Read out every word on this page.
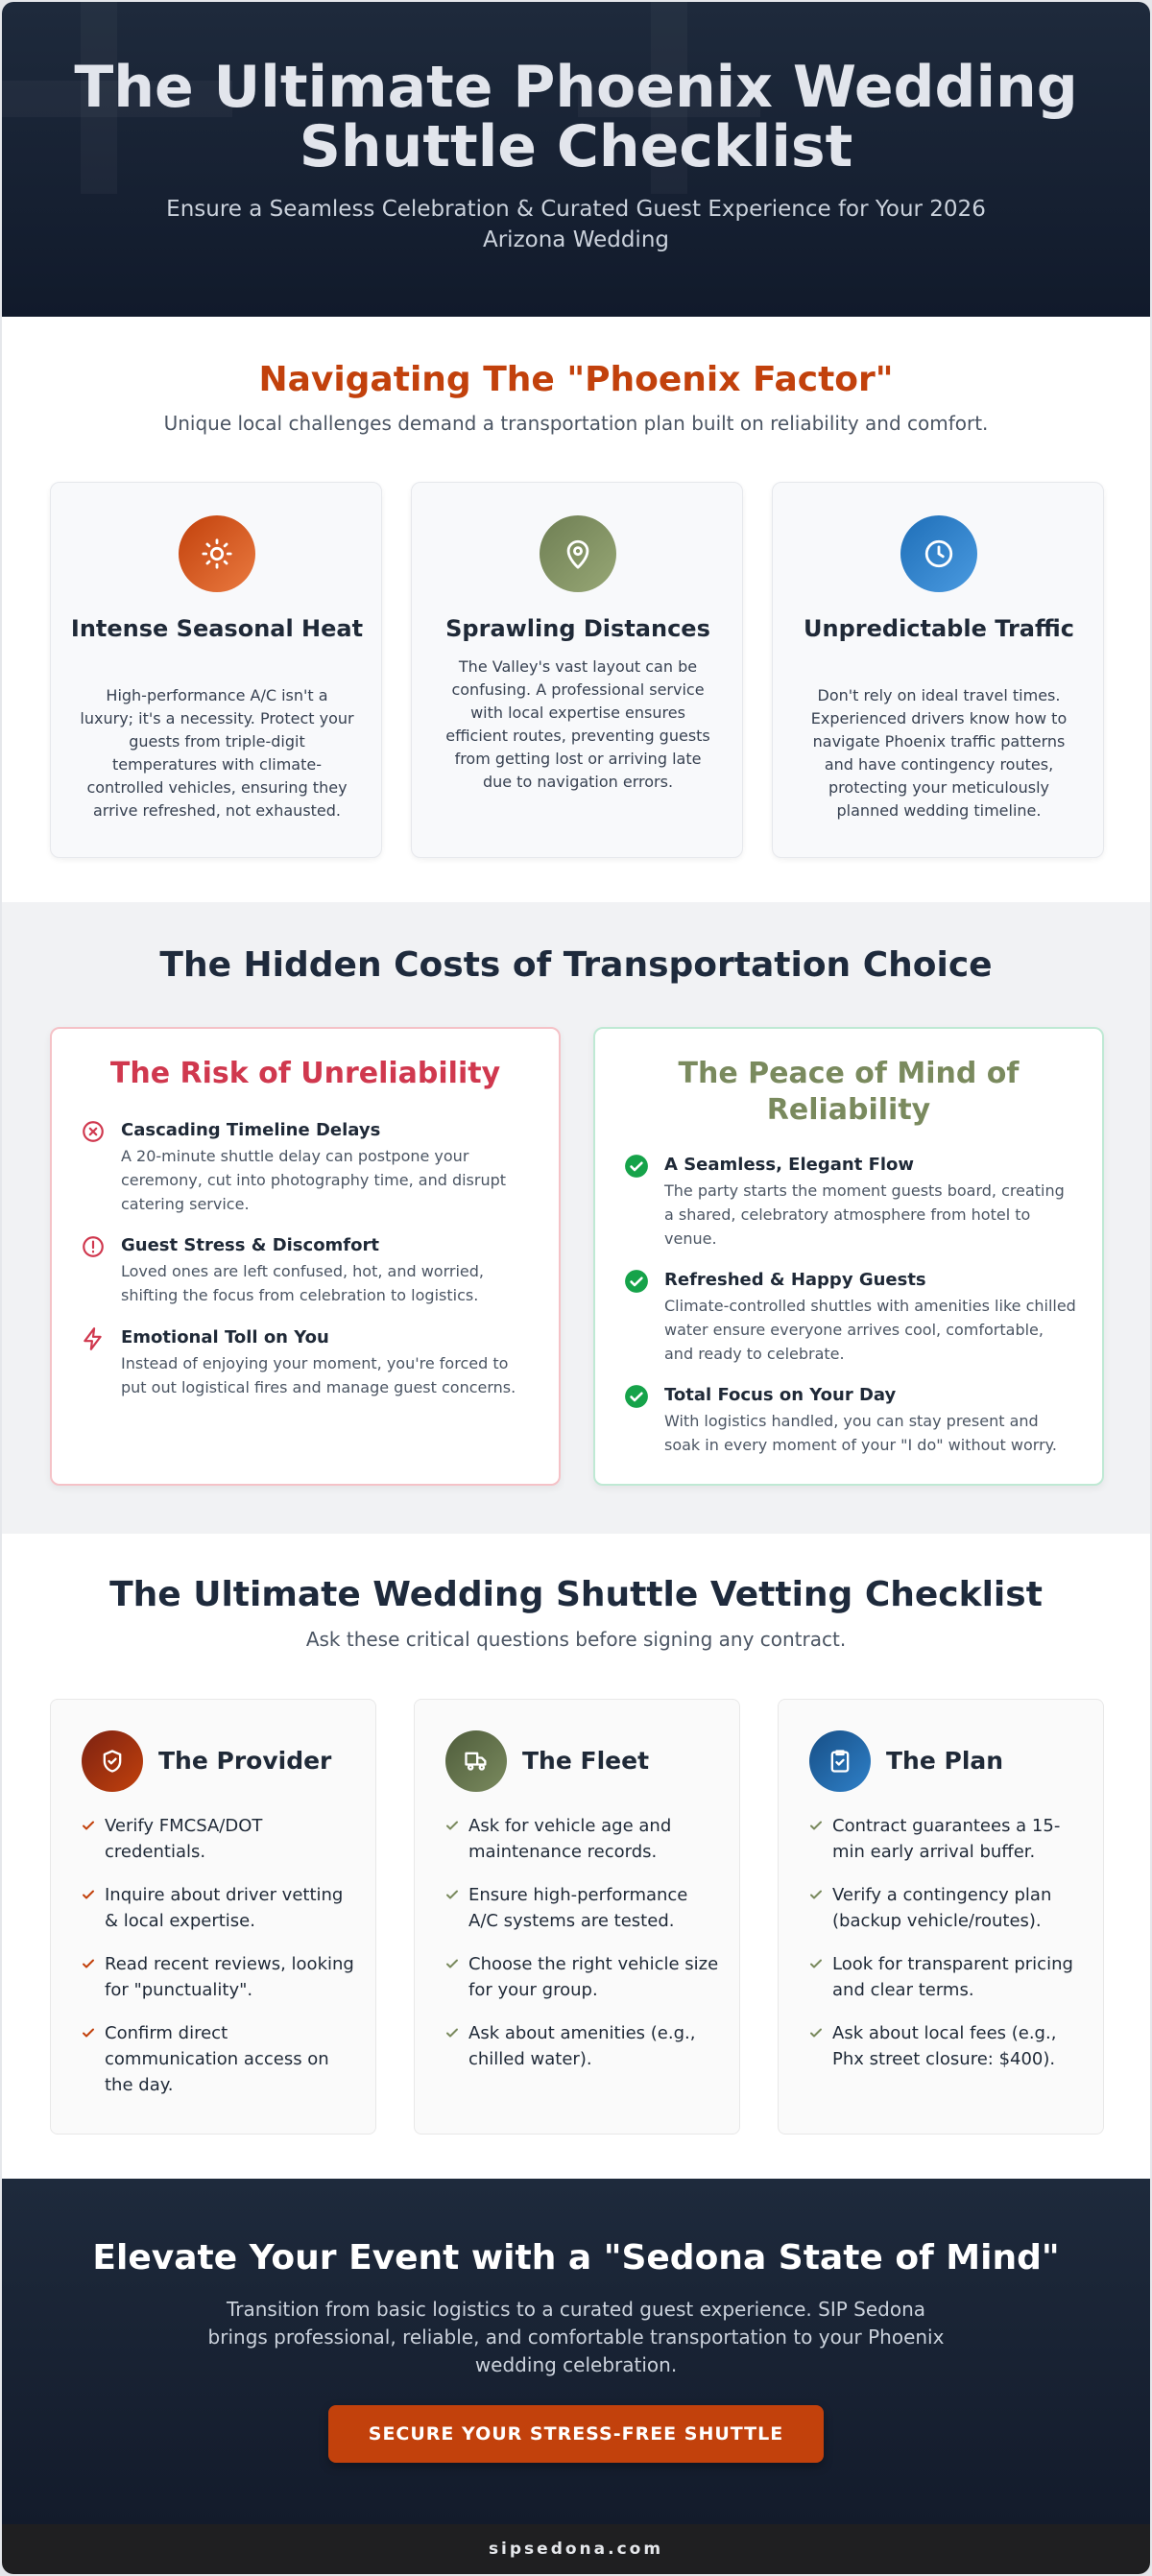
The Ultimate Phoenix Wedding
Shuttle Checklist
Ensure a Seamless Celebration & Curated Guest Experience for Your 2026 Arizona Wedding
Navigating The "Phoenix Factor"
Unique local challenges demand a transportation plan built on reliability and comfort.
Intense Seasonal Heat

High-performance A/C isn't a luxury; it's a necessity. Protect your guests from triple-digit temperatures with climate-controlled vehicles, ensuring they arrive refreshed, not exhausted.

Sprawling Distances

The Valley's vast layout can be confusing. A professional service with local expertise ensures efficient routes, preventing guests from getting lost or arriving late due to navigation errors.

Unpredictable Traffic

Don't rely on ideal travel times. Experienced drivers know how to navigate Phoenix traffic patterns and have contingency routes, protecting your meticulously planned wedding timeline.

The Hidden Costs of Transportation Choice
The Risk of Unreliability
Cascading Timeline Delays
A 20-minute shuttle delay can postpone your ceremony, cut into photography time, and disrupt catering service.
Guest Stress & Discomfort
Loved ones are left confused, hot, and worried, shifting the focus from celebration to logistics.
Emotional Toll on You
Instead of enjoying your moment, you're forced to put out logistical fires and manage guest concerns.
The Peace of Mind of Reliability
A Seamless, Elegant Flow
The party starts the moment guests board, creating a shared, celebratory atmosphere from hotel to venue.
Refreshed & Happy Guests
Climate-controlled shuttles with amenities like chilled water ensure everyone arrives cool, comfortable, and ready to celebrate.
Total Focus on Your Day
With logistics handled, you can stay present and soak in every moment of your "I do" without worry.
The Ultimate Wedding Shuttle Vetting Checklist
Ask these critical questions before signing any contract.
The Provider
Verify FMCSA/DOT credentials.
Inquire about driver vetting & local expertise.
Read recent reviews, looking for "punctuality".
Confirm direct communication access on the day.
The Fleet
Ask for vehicle age and maintenance records.
Ensure high-performance A/C systems are tested.
Choose the right vehicle size for your group.
Ask about amenities (e.g., chilled water).
The Plan
Contract guarantees a 15-min early arrival buffer.
Verify a contingency plan (backup vehicle/routes).
Look for transparent pricing and clear terms.
Ask about local fees (e.g., Phx street closure: $400).
Elevate Your Event with a "Sedona State of Mind"

Transition from basic logistics to a curated guest experience. SIP Sedona brings professional, reliable, and comfortable transportation to your Phoenix wedding celebration.

SECURE YOUR STRESS-FREE SHUTTLE
sipsedona.com
